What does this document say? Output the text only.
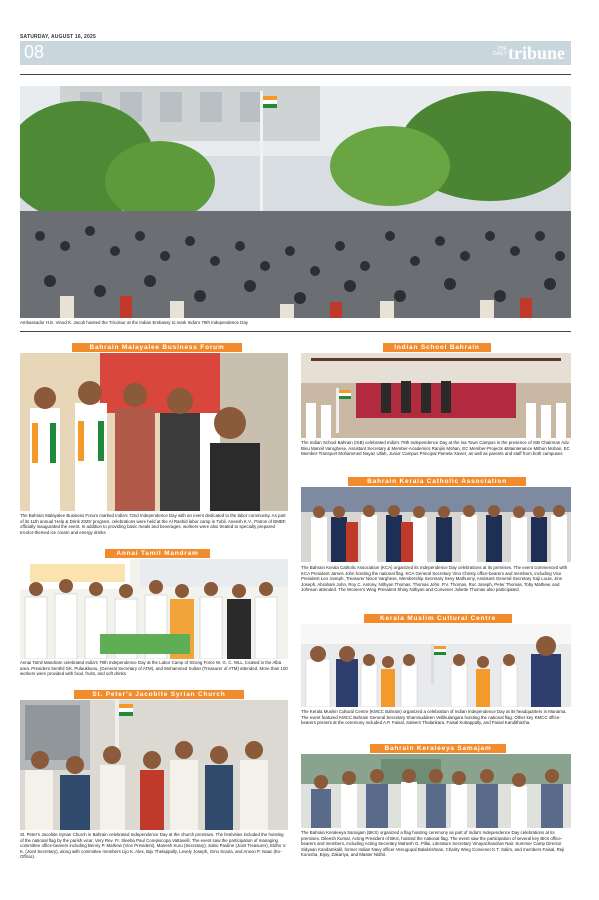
SATURDAY, AUGUST 16, 2025
08	THE DAILY tribune
Ambassador H.E. Vinod K. Jacob hoisted the Tricolour at the Indian Embassy to mark India's 79th Independence Day
Bahrain Malayalee Business Forum
The Bahrain Malayalee Business Forum marked India's 72nd Independence Day with an event dedicated to the labor community. As part of its 11th annual 'Help & Drink 2025' program, celebrations were held at the Al Rashid labor camp in Tubli. Aneesh K.V., Patron of BMBF, officially inaugurated the event. In addition to providing basic meals and beverages, workers were also treated to specially prepared tricolor-themed ice cream and energy drinks
Annai Tamil Mandram
Annai Tamil Mandram celebrated India's 79th Independence Day at the Labor Camp of Strong Force W. G. C. WLL, located in the Alba area. President Senthil GK, Pulaukkunu, (General Secretary of ATM), and Mohammed Sultan (Treasurer of ATM) attended. More than 100 workers were provided with food, fruits, and soft drinks
St. Peter's Jacobite Syrian Church
St. Peter's Jacobite Syrian Church in Bahrain celebrated Independence Day at the church premises. The festivities included the hoisting of the national flag by the parish vicar, Very Rev. Fr. Sleeba Paul Corepiscopa Vattavelil. The event saw the participation of managing committee office-bearers including Benny P. Mathew (Vice President), Manesh Kuru (Secretary), Sabu Pauline (Joint Treasurer), Eldho V. K. (Joint Secretary), along with committee members Lijo K. Alex, Biju Thelappally, Levely Joseph, Gino Scaria, and Anson P. Isaac (Ex-Officio).
Indian School Bahrain
The Indian School Bahrain (ISB) celebrated India's 79th Independence Day at the Isa Town Campus in the presence of ISB Chairman Adv. Binu Mannil Varughese, Assistant Secretary & Member-Academics Ranjini Mohan, EC Member-Projects &Maintenance Mithun Mohan, EC Member-Transport Mohammed Nayaz Ullah, Junior Campus Principal Pamela Xavier, as well as parents and staff from both campuses
Bahrain Kerala Catholic Association
The Bahrain Kerala Catholic Association (KCA) organized its Independence Day celebrations at its premises. The event commenced with KCA President James John hoisting the national flag. KCA General Secretary Vino Christy office-bearers and members, including Vice President Leo Joseph, Treasurer Nixon Varghese, Membership Secretary Sevy Mathunny, Assistant General Secretary Saji Louis, Jins Joseph, Abraham John, Roy C. Antony, Nithyan Thomas, Thomas John, P.V. Thomas, Roc Joseph, Peter Thomas, Toby Mathew, and Johnson attended. The Women's Wing President Shiny Nithyan and Convener Juliette Thomas also participated.
Kerala Muslim Cultural Centre
The Kerala Muslim Cultural Centre (KMCC Bahrain) organized a celebration of Indian Independence Day at its headquarters in Manama. The event featured KMCC Bahrain General Secretary Shamsuddeen Vellikulangara hoisting the national flag. Other key KMCC office-bearers present at the ceremony included A.P. Faisal, Saleem Thalankara, Faisal Kottappally, and Faisal Kandithazha.
Bahrain Keraleeya Samajam
The Bahrain Keraleeya Samajam (BKS) organized a flag hoisting ceremony as part of India's Independence Day celebrations at its premises. Dileesh Kumar, Acting President of BKS, hoisted the national flag. The event saw the participation of several key BKS office-bearers and members, including Acting Secretary Mahesh G. Pillai, Literature Secretary Vinayachandran Nair, Summer Camp Director Sidyaan Kandamkalil, former Indian Navy officer Venugopal Balakrishnan, Charity Wing Convener K.T. Salim, and members Faisal, Reji Kurusha, Bijoy, Zakariya, and Master Nidhil.
